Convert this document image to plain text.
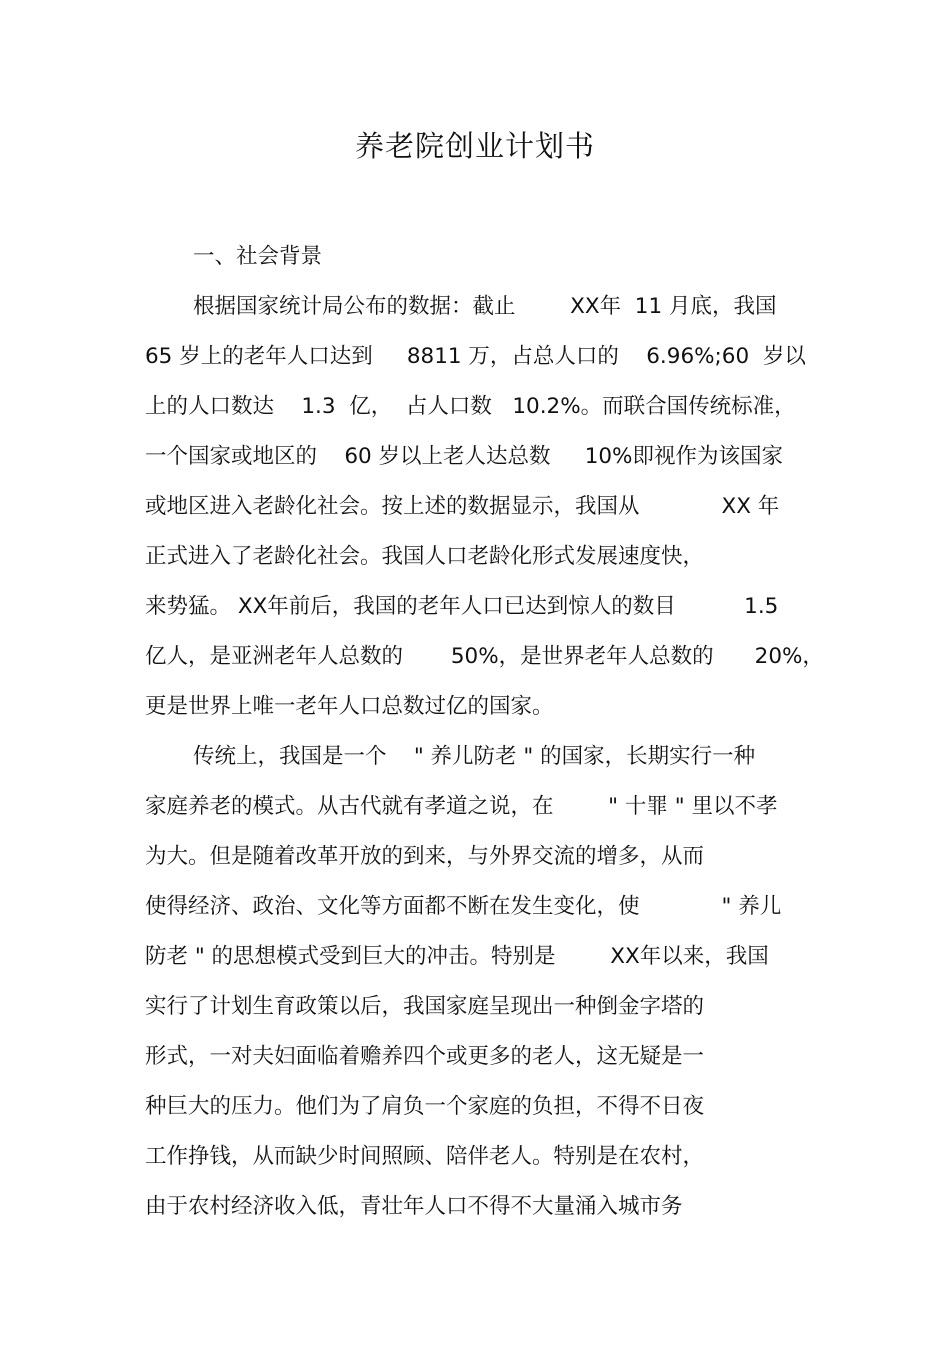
养老院创业计划书
一、社会背景
根据国家统计局公布的数据：截止        XX年  11 月底，我国
65 岁上的老年人口达到     8811 万，占总人口的    6.96%;60  岁以
上的人口数达    1.3  亿，  占人口数   10.2%。而联合国传统标准，
一个国家或地区的    60 岁以上老人达总数     10%即视作为该国家
或地区进入老龄化社会。按上述的数据显示，我国从            XX 年
正式进入了老龄化社会。我国人口老龄化形式发展速度快，
来势猛。 XX年前后，我国的老年人口已达到惊人的数目          1.5
亿人，是亚洲老年人总数的       50%，是世界老年人总数的      20%，
更是世界上唯一老年人口总数过亿的国家。
传统上，我国是一个    " 养儿防老 " 的国家，长期实行一种
家庭养老的模式。从古代就有孝道之说，在        " 十罪 " 里以不孝
为大。但是随着改革开放的到来，与外界交流的增多，从而
使得经济、政治、文化等方面都不断在发生变化，使            " 养儿
防老 " 的思想模式受到巨大的冲击。特别是        XX年以来，我国
实行了计划生育政策以后，我国家庭呈现出一种倒金字塔的
形式，一对夫妇面临着赡养四个或更多的老人，这无疑是一
种巨大的压力。他们为了肩负一个家庭的负担，不得不日夜
工作挣钱，从而缺少时间照顾、陪伴老人。特别是在农村，
由于农村经济收入低，青壮年人口不得不大量涌入城市务
